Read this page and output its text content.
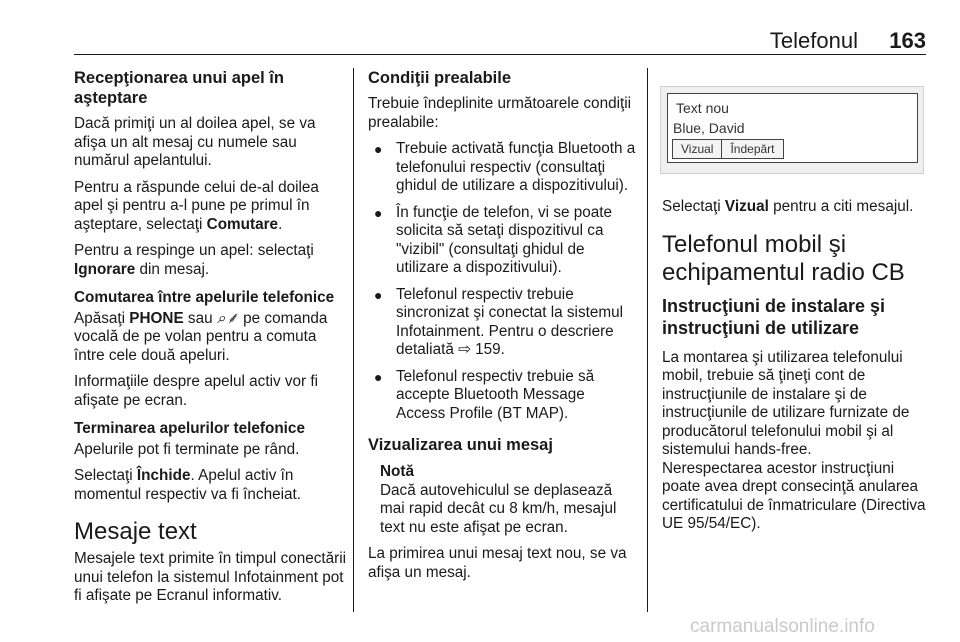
Telefonul 163
Recepţionarea unui apel în aşteptare

Dacă primiţi un al doilea apel, se va afişa un alt mesaj cu numele sau numărul apelantului.

Pentru a răspunde celui de-al doilea apel şi pentru a-l pune pe primul în aşteptare, selectaţi Comutare.

Pentru a respinge un apel: selectaţi Ignorare din mesaj.

Comutarea între apelurile telefonice

Apăsaţi PHONE sau ⌕⸙ pe comanda vocală de pe volan pentru a comuta între cele două apeluri.

Informaţiile despre apelul activ vor fi afişate pe ecran.

Terminarea apelurilor telefonice

Apelurile pot fi terminate pe rând.

Selectaţi Închide. Apelul activ în momentul respectiv va fi încheiat.

Mesaje text

Mesajele text primite în timpul conectării unui telefon la sistemul Infotainment pot fi afişate pe Ecranul informativ.

Condiţii prealabile

Trebuie îndeplinite următoarele condiţii prealabile:

● Trebuie activată funcţia Bluetooth a telefonului respectiv (consultaţi ghidul de utilizare a dispozitivului).
● În funcţie de telefon, vi se poate solicita să setaţi dispozitivul ca "vizibil" (consultaţi ghidul de utilizare a dispozitivului).
● Telefonul respectiv trebuie sincronizat şi conectat la sistemul Infotainment. Pentru o descriere detaliată ⇨ 159.
● Telefonul respectiv trebuie să accepte Bluetooth Message Access Profile (BT MAP).
Vizualizarea unui mesaj
Notă
Dacă autovehiculul se deplasează mai rapid decât cu 8 km/h, mesajul text nu este afişat pe ecran.

La primirea unui mesaj text nou, se va afişa un mesaj.

Text nou
Blue, David
Vizual	Îndepărt

Selectaţi Vizual pentru a citi mesajul.

Telefonul mobil şi echipamentul radio CB
Instrucţiuni de instalare şi instrucţiuni de utilizare

La montarea şi utilizarea telefonului mobil, trebuie să ţineţi cont de instrucţiunile de instalare şi de instrucţiunile de utilizare furnizate de producătorul telefonului mobil şi al sistemului hands-free.

Nerespectarea acestor instrucţiuni poate avea drept consecinţă anularea certificatului de înmatriculare (Directiva UE 95/54/EC).

carmanualsonline.info
